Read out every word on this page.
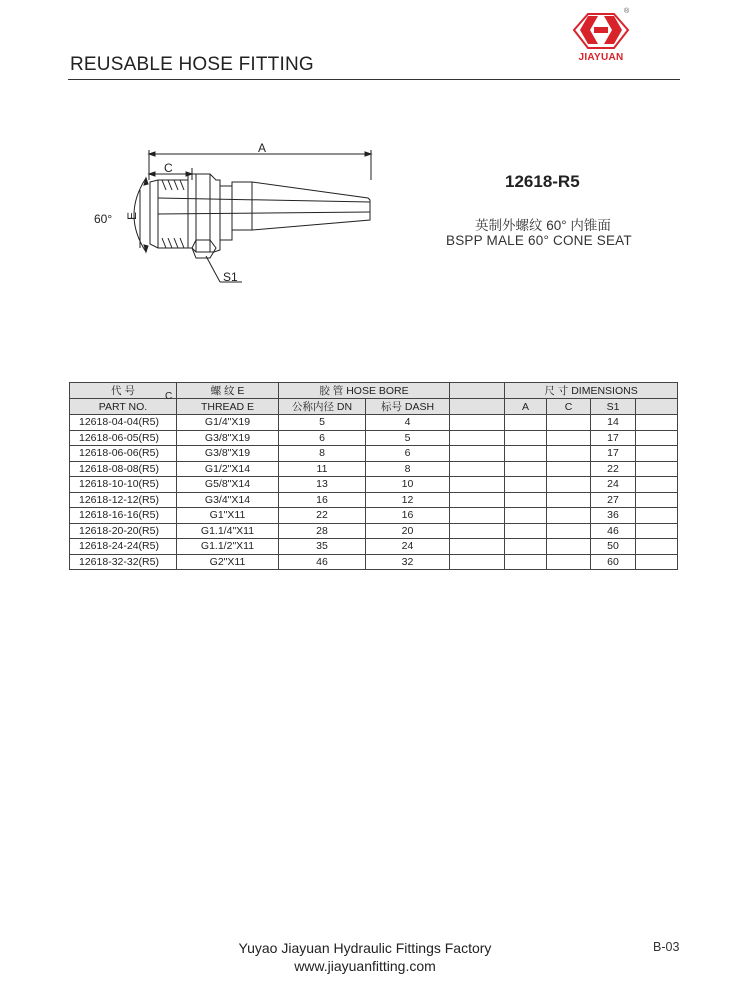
REUSABLE HOSE FITTING
®
JIAYUAN
A
C
60° E
S1
12618-R5
英制外螺纹 60° 内锥面
BSPP MALE 60° CONE SEAT
代 号	螺 纹 E	胶 管 HOSE BORE			尺 寸 DIMENSIONS			
PART NO.	THREAD E	公称内径 DN	标号 DASH		A	C	S1	
12618-04-04(R5)	G1/4"X19	5	4				14	
12618-06-05(R5)	G3/8"X19	6	5				17	
12618-06-06(R5)	G3/8"X19	8	6				17	
12618-08-08(R5)	G1/2"X14	11	8				22	
12618-10-10(R5)	G5/8"X14	13	10				24	
12618-12-12(R5)	G3/4"X14	16	12				27	
12618-16-16(R5)	G1"X11	22	16				36	
12618-20-20(R5)	G1.1/4"X11	28	20				46	
12618-24-24(R5)	G1.1/2"X11	35	24				50	
12618-32-32(R5)	G2"X11	46	32				60	
C
Yuyao Jiayuan Hydraulic Fittings Factory
www.jiayuanfitting.com
B-03
